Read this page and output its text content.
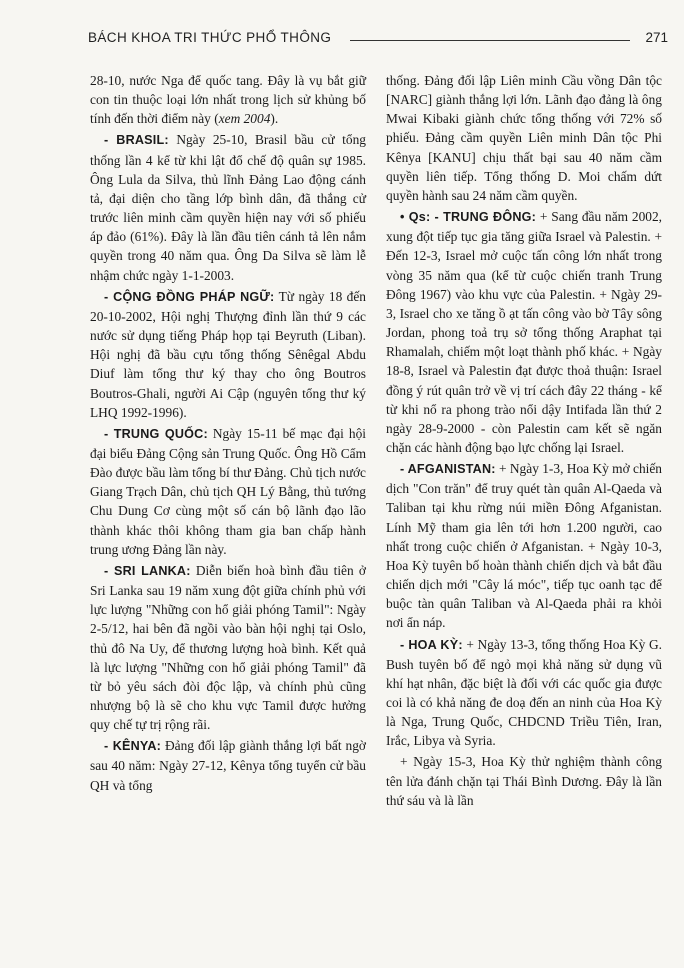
BÁCH KHOA TRI THỨC PHỔ THÔNG	271

28-10, nước Nga để quốc tang. Đây là vụ bắt giữ con tin thuộc loại lớn nhất trong lịch sử khủng bố tính đến thời điểm này (xem 2004).

- BRASIL: Ngày 25-10, Brasil bầu cử tổng thống lần 4 kể từ khi lật đổ chế độ quân sự 1985. Ông Lula da Silva, thủ lĩnh Đảng Lao động cánh tả, đại diện cho tầng lớp bình dân, đã thắng cử trước liên minh cầm quyền hiện nay với số phiếu áp đảo (61%). Đây là lần đầu tiên cánh tả lên nắm quyền trong 40 năm qua. Ông Da Silva sẽ làm lễ nhậm chức ngày 1-1-2003.

- CỘNG ĐỒNG PHÁP NGỮ: Từ ngày 18 đến 20-10-2002, Hội nghị Thượng đỉnh lần thứ 9 các nước sử dụng tiếng Pháp họp tại Beyruth (Liban). Hội nghị đã bầu cựu tổng thống Sênêgal Abdu Diuf làm tổng thư ký thay cho ông Boutros Boutros-Ghali, người Ai Cập (nguyên tổng thư ký LHQ 1992-1996).

- TRUNG QUỐC: Ngày 15-11 bế mạc đại hội đại biểu Đảng Cộng sản Trung Quốc. Ông Hồ Cẩm Đào được bầu làm tổng bí thư Đảng. Chủ tịch nước Giang Trạch Dân, chủ tịch QH Lý Bằng, thủ tướng Chu Dung Cơ cùng một số cán bộ lãnh đạo lão thành khác thôi không tham gia ban chấp hành trung ương Đảng lần này.

- SRI LANKA: Diễn biến hoà bình đầu tiên ở Sri Lanka sau 19 năm xung đột giữa chính phủ với lực lượng "Những con hổ giải phóng Tamil": Ngày 2-5/12, hai bên đã ngồi vào bàn hội nghị tại Oslo, thủ đô Na Uy, để thương lượng hoà bình. Kết quả là lực lượng "Những con hổ giải phóng Tamil" đã từ bỏ yêu sách đòi độc lập, và chính phủ cũng nhượng bộ là sẽ cho khu vực Tamil được hưởng quy chế tự trị rộng rãi.

- KÊNYA: Đảng đối lập giành thắng lợi bất ngờ sau 40 năm: Ngày 27-12, Kênya tổng tuyển cử bầu QH và tổng

thống. Đảng đối lập Liên minh Cầu vồng Dân tộc [NARC] giành thắng lợi lớn. Lãnh đạo đảng là ông Mwai Kibaki giành chức tổng thống với 72% số phiếu. Đảng cầm quyền Liên minh Dân tộc Phi Kênya [KANU] chịu thất bại sau 40 năm cầm quyền liên tiếp. Tổng thống D. Moi chấm dứt quyền hành sau 24 năm cầm quyền.

• Qs: - TRUNG ĐÔNG: + Sang đầu năm 2002, xung đột tiếp tục gia tăng giữa Israel và Palestin. + Đến 12-3, Israel mở cuộc tấn công lớn nhất trong vòng 35 năm qua (kể từ cuộc chiến tranh Trung Đông 1967) vào khu vực của Palestin. + Ngày 29-3, Israel cho xe tăng ồ ạt tấn công vào bờ Tây sông Jordan, phong toả trụ sở tổng thống Araphat tại Rhamalah, chiếm một loạt thành phố khác. + Ngày 18-8, Israel và Palestin đạt được thoả thuận: Israel đồng ý rút quân trở về vị trí cách đây 22 tháng - kể từ khi nổ ra phong trào nổi dậy Intifada lần thứ 2 ngày 28-9-2000 - còn Palestin cam kết sẽ ngăn chặn các hành động bạo lực chống lại Israel.

- AFGANISTAN: + Ngày 1-3, Hoa Kỳ mở chiến dịch "Con trăn" để truy quét tàn quân Al-Qaeda và Taliban tại khu rừng núi miền Đông Afganistan. Lính Mỹ tham gia lên tới hơn 1.200 người, cao nhất trong cuộc chiến ở Afganistan. + Ngày 10-3, Hoa Kỳ tuyên bố hoàn thành chiến dịch và bắt đầu chiến dịch mới "Cây lá móc", tiếp tục oanh tạc để buộc tàn quân Taliban và Al-Qaeda phải ra khỏi nơi ẩn náp.

- HOA KỲ: + Ngày 13-3, tổng thống Hoa Kỳ G. Bush tuyên bố để ngỏ mọi khả năng sử dụng vũ khí hạt nhân, đặc biệt là đối với các quốc gia được coi là có khả năng đe doạ đến an ninh của Hoa Kỳ là Nga, Trung Quốc, CHDCND Triều Tiên, Iran, Irắc, Libya và Syria.

+ Ngày 15-3, Hoa Kỳ thử nghiệm thành công tên lửa đánh chặn tại Thái Bình Dương. Đây là lần thứ sáu và là lần
